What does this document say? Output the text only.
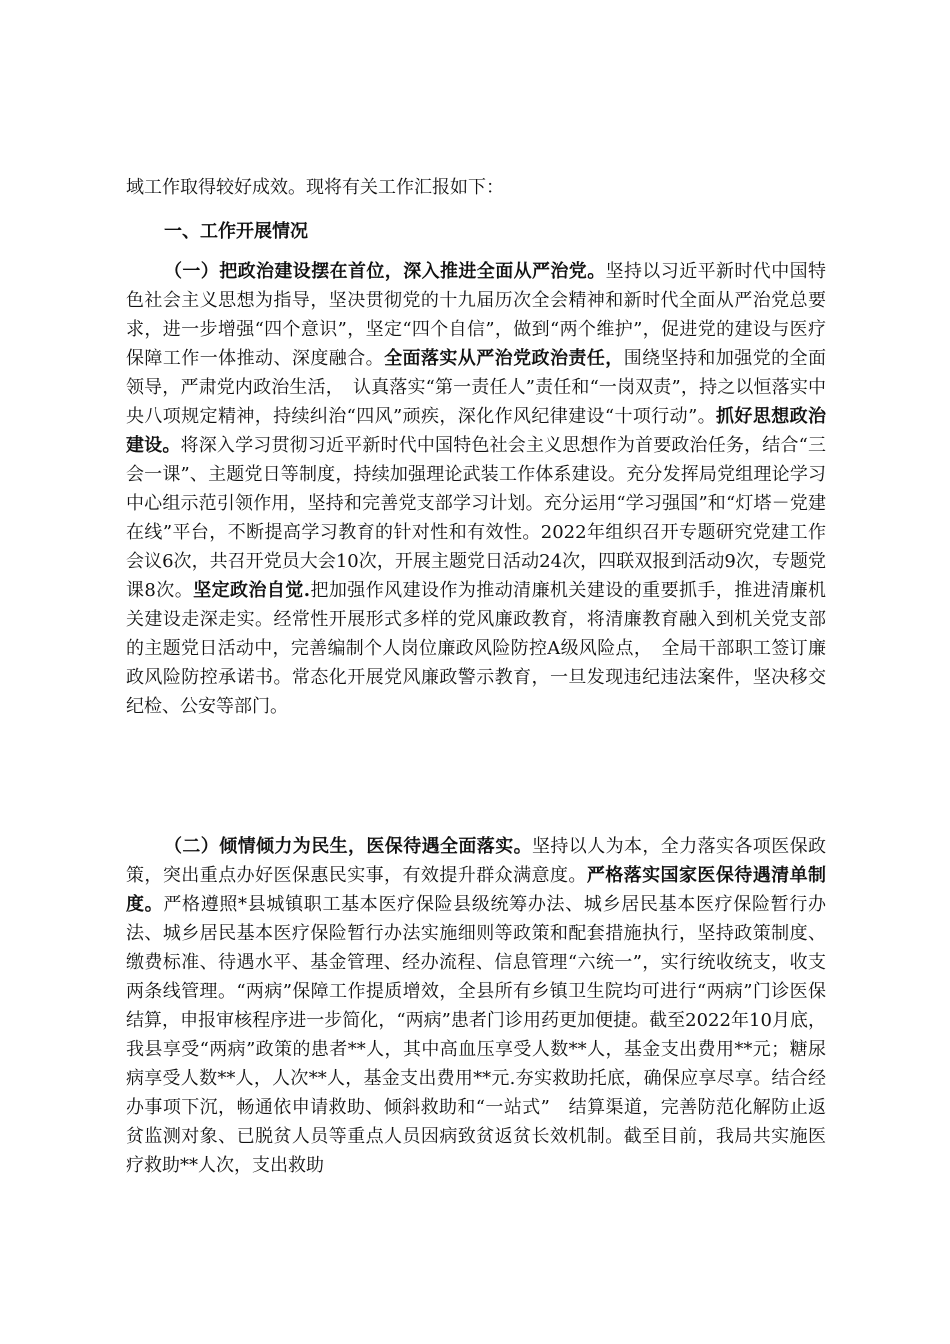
域工作取得较好成效。现将有关工作汇报如下：
一、工作开展情况
（一）把政治建设摆在首位，深入推进全面从严治党。坚持以习近平新时代中国特色社会主义思想为指导，坚决贯彻党的十九届历次全会精神和新时代全面从严治党总要求，进一步增强“四个意识”，坚定“四个自信”，做到“两个维护”，促进党的建设与医疗保障工作一体推动、深度融合。全面落实从严治党政治责任，围绕坚持和加强党的全面领导，严肃党内政治生活，　认真落实“第一责任人”责任和“一岗双责”，持之以恒落实中央八项规定精神，持续纠治“四风”顽疾，深化作风纪律建设“十项行动”。抓好思想政治建设。将深入学习贯彻习近平新时代中国特色社会主义思想作为首要政治任务，结合“三会一课”、主题党日等制度，持续加强理论武装工作体系建设。充分发挥局党组理论学习中心组示范引领作用，坚持和完善党支部学习计划。充分运用“学习强国”和“灯塔－党建在线”平台，不断提高学习教育的针对性和有效性。2022年组织召开专题研究党建工作会议6次，共召开党员大会10次，开展主题党日活动24次，四联双报到活动9次，专题党课8次。坚定政治自觉.把加强作风建设作为推动清廉机关建设的重要抓手，推进清廉机关建设走深走实。经常性开展形式多样的党风廉政教育，将清廉教育融入到机关党支部的主题党日活动中，完善编制个人岗位廉政风险防控A级风险点，　全局干部职工签订廉政风险防控承诺书。常态化开展党风廉政警示教育，一旦发现违纪违法案件，坚决移交纪检、公安等部门。
（二）倾情倾力为民生，医保待遇全面落实。坚持以人为本，全力落实各项医保政策，突出重点办好医保惠民实事，有效提升群众满意度。严格落实国家医保待遇清单制度。严格遵照*县城镇职工基本医疗保险县级统筹办法、城乡居民基本医疗保险暂行办法、城乡居民基本医疗保险暂行办法实施细则等政策和配套措施执行，坚持政策制度、缴费标准、待遇水平、基金管理、经办流程、信息管理“六统一”，实行统收统支，收支两条线管理。“两病”保障工作提质增效，全县所有乡镇卫生院均可进行“两病”门诊医保结算，申报审核程序进一步简化，“两病”患者门诊用药更加便捷。截至2022年10月底，我县享受“两病”政策的患者**人，其中高血压享受人数**人，基金支出费用**元；糖尿病享受人数**人，人次**人，基金支出费用**元.夯实救助托底，确保应享尽享。结合经办事项下沉，畅通依申请救助、倾斜救助和“一站式”　结算渠道，完善防范化解防止返贫监测对象、已脱贫人员等重点人员因病致贫返贫长效机制。截至目前，我局共实施医疗救助**人次，支出救助
